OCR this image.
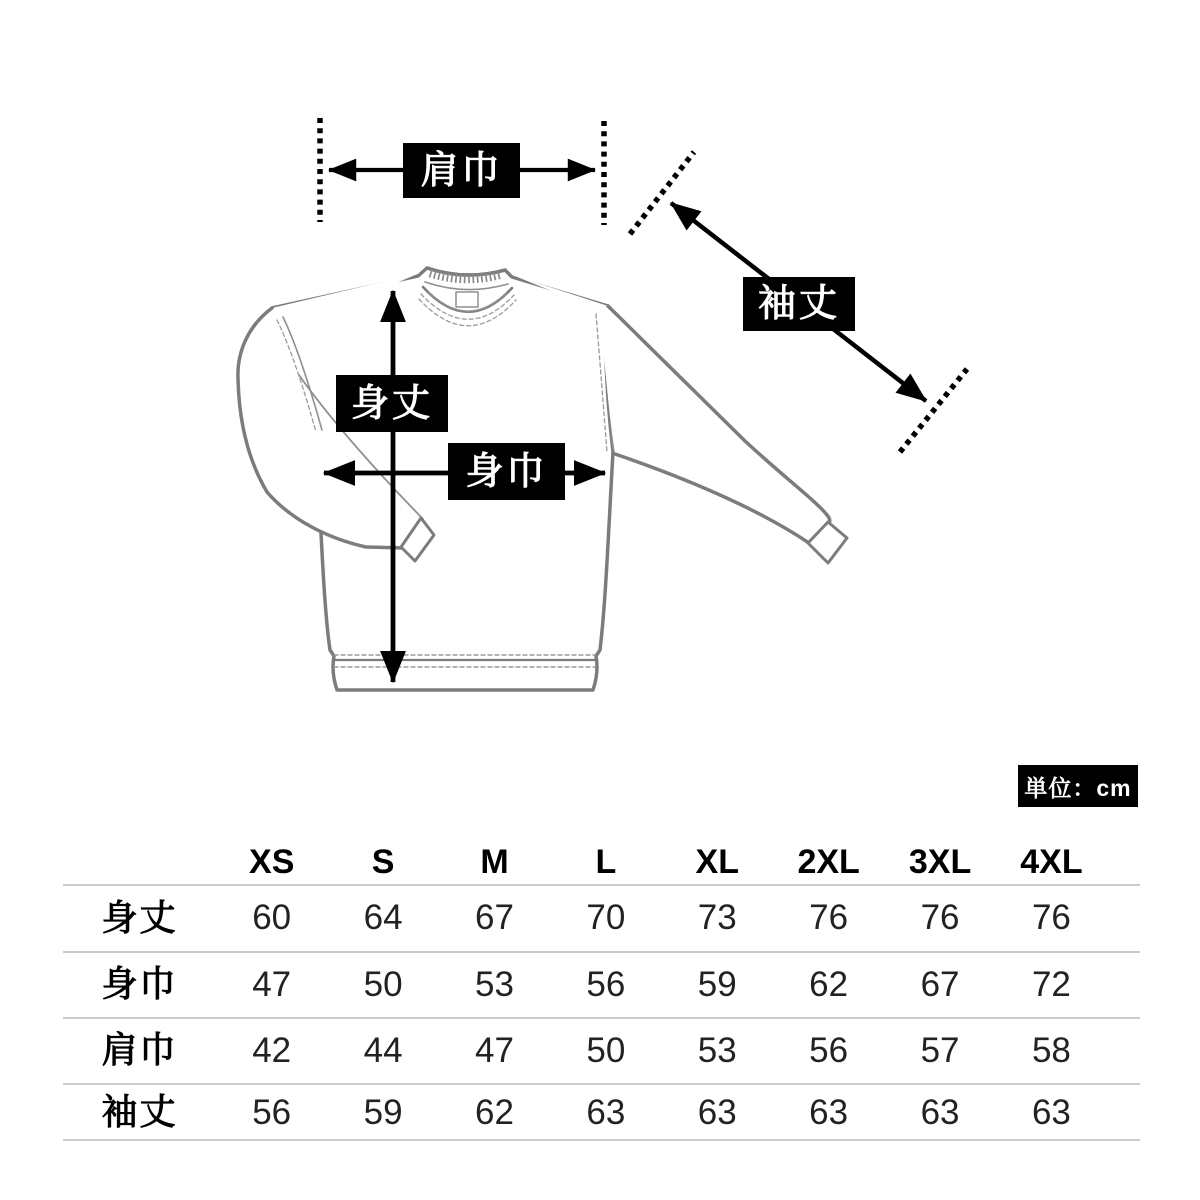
肩巾
袖丈
身丈
身巾
単位：cm
XS	S	M	L	XL	2XL	3XL	4XL
身丈	60	64	67	70	73	76	76	76
身巾	47	50	53	56	59	62	67	72
肩巾	42	44	47	50	53	56	57	58
袖丈	56	59	62	63	63	63	63	63
